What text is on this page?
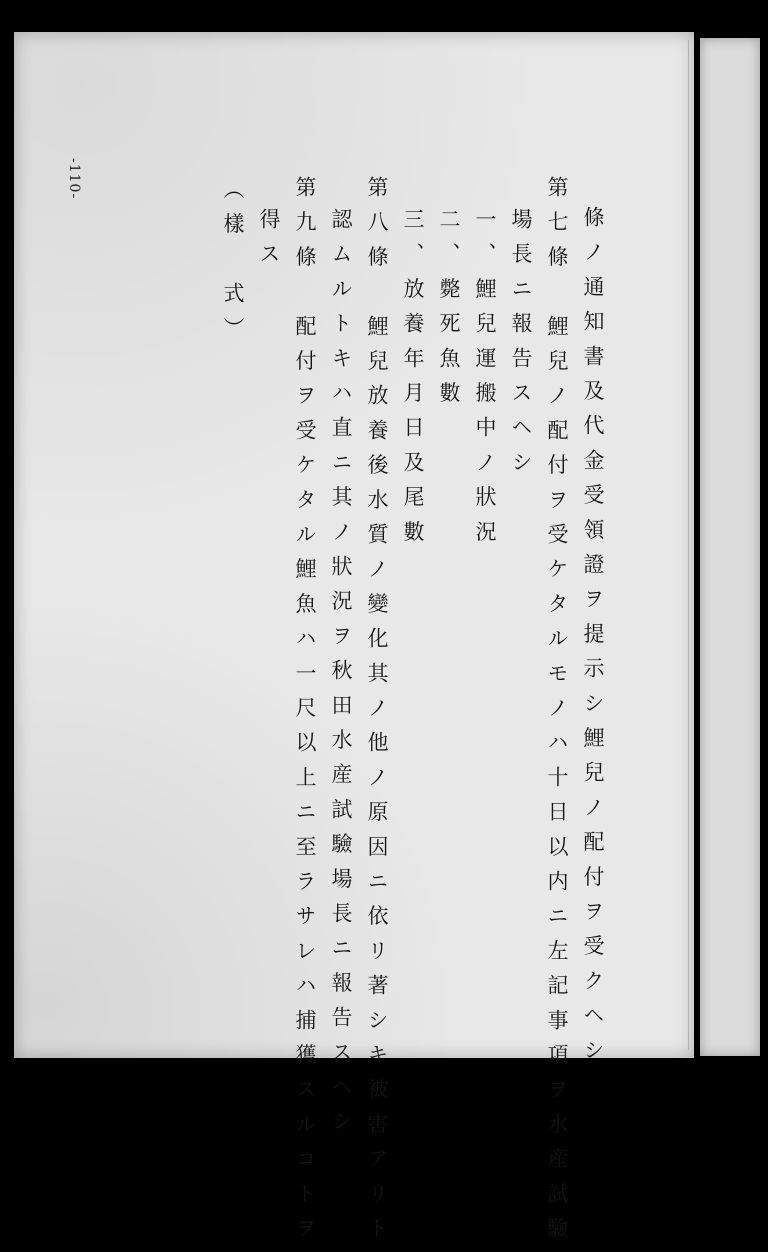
-110-
條ノ通知書及代金受領證ヲ提示シ鯉兒ノ配付ヲ受クヘシ
第七條　鯉兒ノ配付ヲ受ケタルモノハ十日以内ニ左記事項ヲ水産試驗
場長ニ報告スヘシ
一、鯉兒運搬中ノ狀況
二、斃死魚數
三、放養年月日及尾數
第八條　鯉兒放養後水質ノ變化其ノ他ノ原因ニ依リ著シキ被害アリト
認ムルトキハ直ニ其ノ狀況ヲ秋田水産試驗場長ニ報告スヘシ
第九條　配付ヲ受ケタル鯉魚ハ一尺以上ニ至ラサレハ捕獲スルコトヲ
得ス
（樣　式）
